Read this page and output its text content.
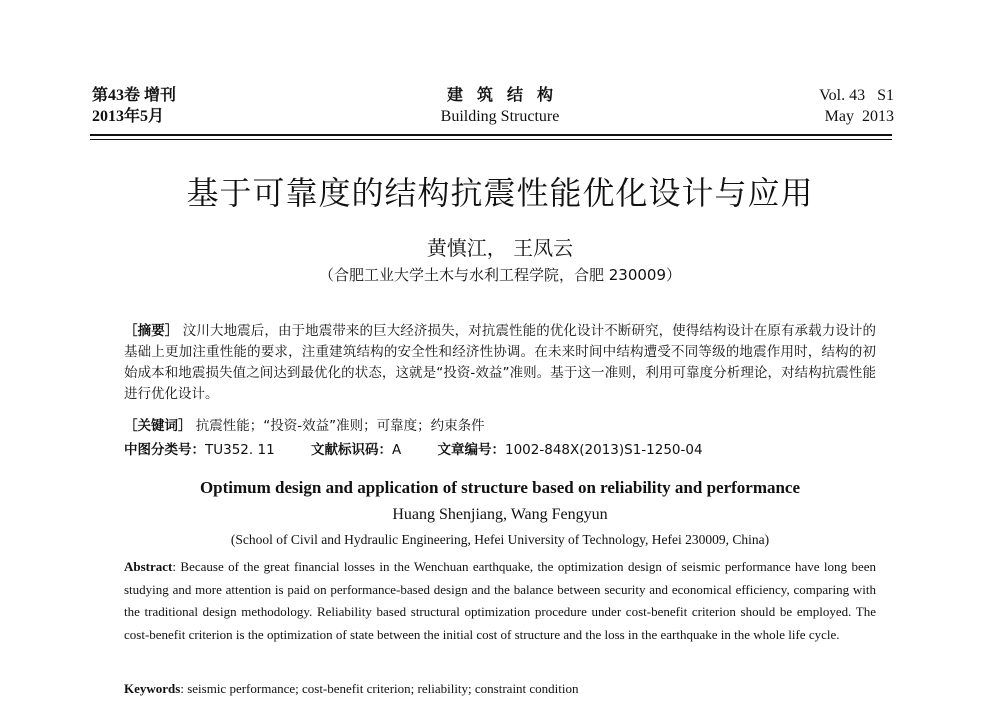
第43卷 增刊
2013年5月
建筑结构
Building Structure
Vol. 43   S1
May  2013
基于可靠度的结构抗震性能优化设计与应用
黄慎江， 王凤云
（合肥工业大学土木与水利工程学院，合肥 230009）
［摘要］ 汶川大地震后，由于地震带来的巨大经济损失，对抗震性能的优化设计不断研究，使得结构设计在原有承载力设计的基础上更加注重性能的要求，注重建筑结构的安全性和经济性协调。在未来时间中结构遭受不同等级的地震作用时，结构的初始成本和地震损失值之间达到最优化的状态，这就是“投资-效益”准则。基于这一准则，利用可靠度分析理论，对结构抗震性能进行优化设计。
［关键词］ 抗震性能；“投资-效益”准则；可靠度；约束条件
中图分类号：TU352. 11	文献标识码：A	文章编号：1002-848X(2013)S1-1250-04
Optimum design and application of structure based on reliability and performance
Huang Shenjiang, Wang Fengyun
(School of Civil and Hydraulic Engineering, Hefei University of Technology, Hefei 230009, China)
Abstract: Because of the great financial losses in the Wenchuan earthquake, the optimization design of seismic performance have long been studying and more attention is paid on performance-based design and the balance between security and economical efficiency, comparing with the traditional design methodology. Reliability based structural optimization procedure under cost-benefit criterion should be employed. The cost-benefit criterion is the optimization of state between the initial cost of structure and the loss in the earthquake in the whole life cycle.
Keywords: seismic performance; cost-benefit criterion; reliability; constraint condition
